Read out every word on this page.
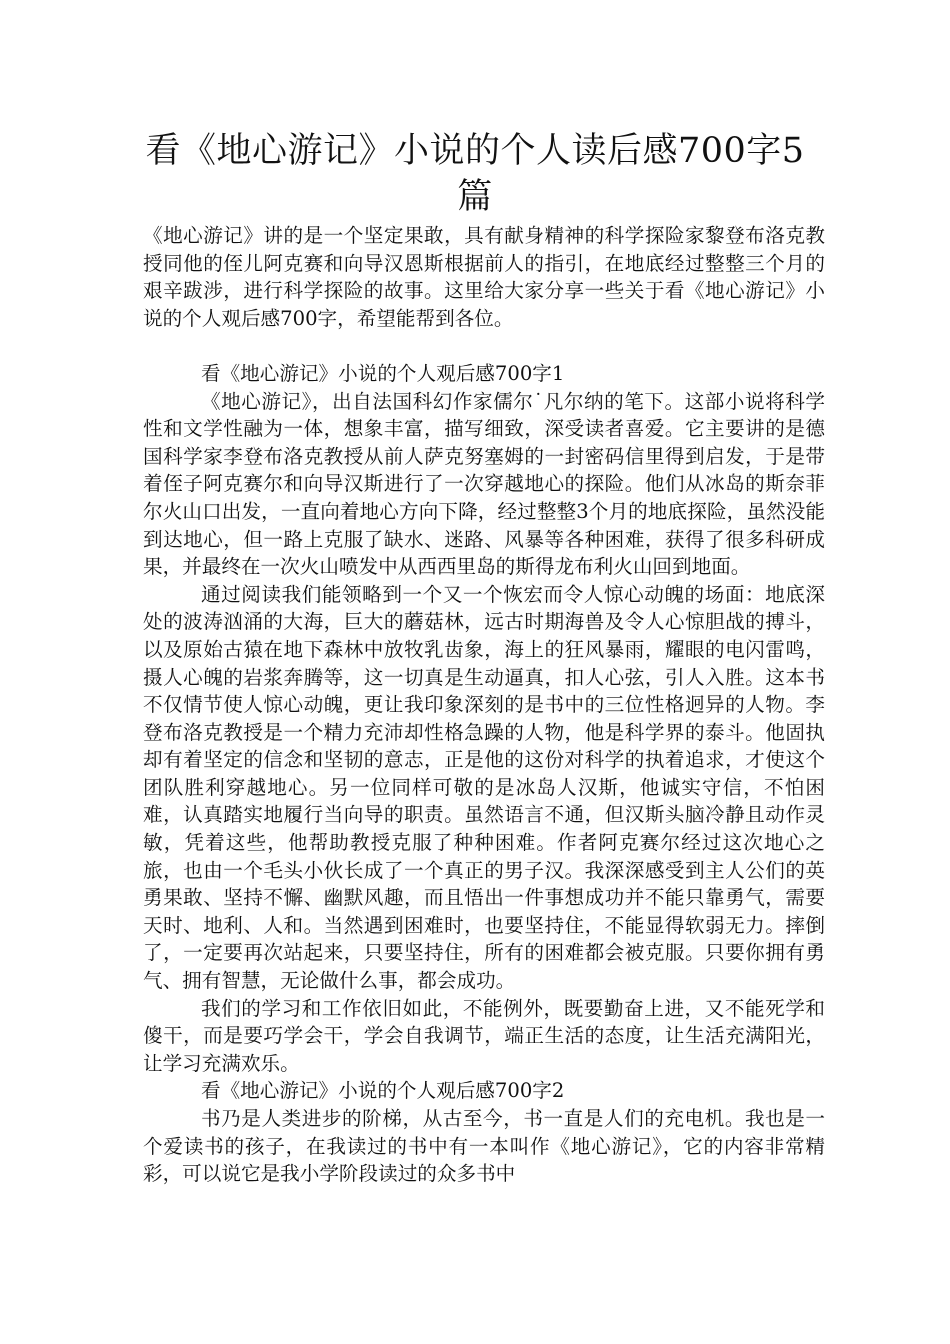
看《地心游记》小说的个人读后感700字5篇

《地心游记》讲的是一个坚定果敢，具有献身精神的科学探险家黎登布洛克教授同他的侄儿阿克赛和向导汉恩斯根据前人的指引，在地底经过整整三个月的艰辛跋涉，进行科学探险的故事。这里给大家分享一些关于看《地心游记》小说的个人观后感700字，希望能帮到各位。

看《地心游记》小说的个人观后感700字1

《地心游记》，出自法国科幻作家儒尔˙凡尔纳的笔下。这部小说将科学性和文学性融为一体，想象丰富，描写细致，深受读者喜爱。它主要讲的是德国科学家李登布洛克教授从前人萨克努塞姆的一封密码信里得到启发，于是带着侄子阿克赛尔和向导汉斯进行了一次穿越地心的探险。他们从冰岛的斯奈菲尔火山口出发，一直向着地心方向下降，经过整整3个月的地底探险，虽然没能到达地心，但一路上克服了缺水、迷路、风暴等各种困难，获得了很多科研成果，并最终在一次火山喷发中从西西里岛的斯得龙布利火山回到地面。

通过阅读我们能领略到一个又一个恢宏而令人惊心动魄的场面：地底深处的波涛汹涌的大海，巨大的蘑菇林，远古时期海兽及令人心惊胆战的搏斗，以及原始古猿在地下森林中放牧乳齿象，海上的狂风暴雨，耀眼的电闪雷鸣，摄人心魄的岩浆奔腾等，这一切真是生动逼真，扣人心弦，引人入胜。这本书不仅情节使人惊心动魄，更让我印象深刻的是书中的三位性格迥异的人物。李登布洛克教授是一个精力充沛却性格急躁的人物，他是科学界的泰斗。他固执却有着坚定的信念和坚韧的意志，正是他的这份对科学的执着追求，才使这个团队胜利穿越地心。另一位同样可敬的是冰岛人汉斯，他诚实守信，不怕困难，认真踏实地履行当向导的职责。虽然语言不通，但汉斯头脑冷静且动作灵敏，凭着这些，他帮助教授克服了种种困难。作者阿克赛尔经过这次地心之旅，也由一个毛头小伙长成了一个真正的男子汉。我深深感受到主人公们的英勇果敢、坚持不懈、幽默风趣，而且悟出一件事想成功并不能只靠勇气，需要天时、地利、人和。当然遇到困难时，也要坚持住，不能显得软弱无力。摔倒了，一定要再次站起来，只要坚持住，所有的困难都会被克服。只要你拥有勇气、拥有智慧，无论做什么事，都会成功。

我们的学习和工作依旧如此，不能例外，既要勤奋上进，又不能死学和傻干，而是要巧学会干，学会自我调节，端正生活的态度，让生活充满阳光，让学习充满欢乐。

看《地心游记》小说的个人观后感700字2

书乃是人类进步的阶梯，从古至今，书一直是人们的充电机。我也是一个爱读书的孩子，在我读过的书中有一本叫作《地心游记》，它的内容非常精彩，可以说它是我小学阶段读过的众多书中
